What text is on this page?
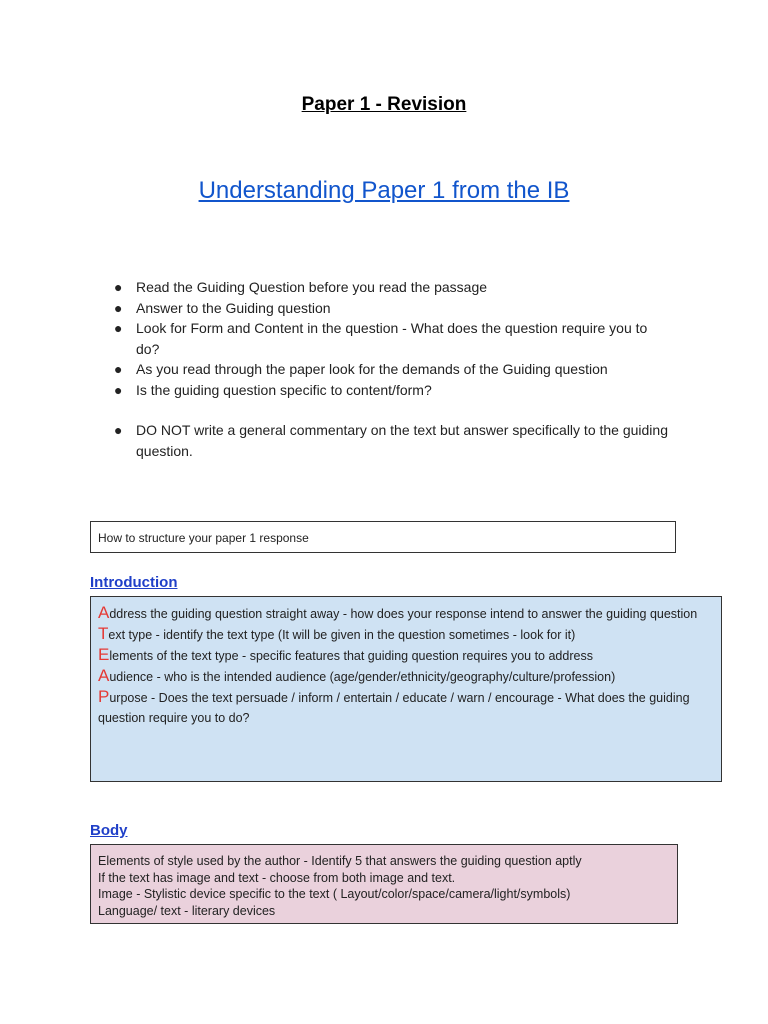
Paper 1 - Revision
Understanding Paper 1 from the IB
● Read the Guiding Question before you read the passage
● Answer to the Guiding question
● Look for Form and Content in the question - What does the question require you to do?
● As you read through the paper look for the demands of the Guiding question
● Is the guiding question specific to content/form?
● DO NOT write a general commentary on the text but answer specifically to the guiding question.
How to structure your paper 1 response
Introduction

Address the guiding question straight away - how does your response intend to answer the guiding question

Text type - identify the text type (It will be given in the question sometimes - look for it)

Elements of the text type - specific features that guiding question requires you to address

Audience - who is the intended audience (age/gender/ethnicity/geography/culture/profession)

Purpose - Does the text persuade / inform / entertain / educate / warn / encourage - What does the guiding question require you to do?

Body
Elements of style used by the author - Identify 5 that answers the guiding question aptly
If the text has image and text - choose from both image and text.
Image - Stylistic device specific to the text ( Layout/color/space/camera/light/symbols)
Language/ text - literary devices
